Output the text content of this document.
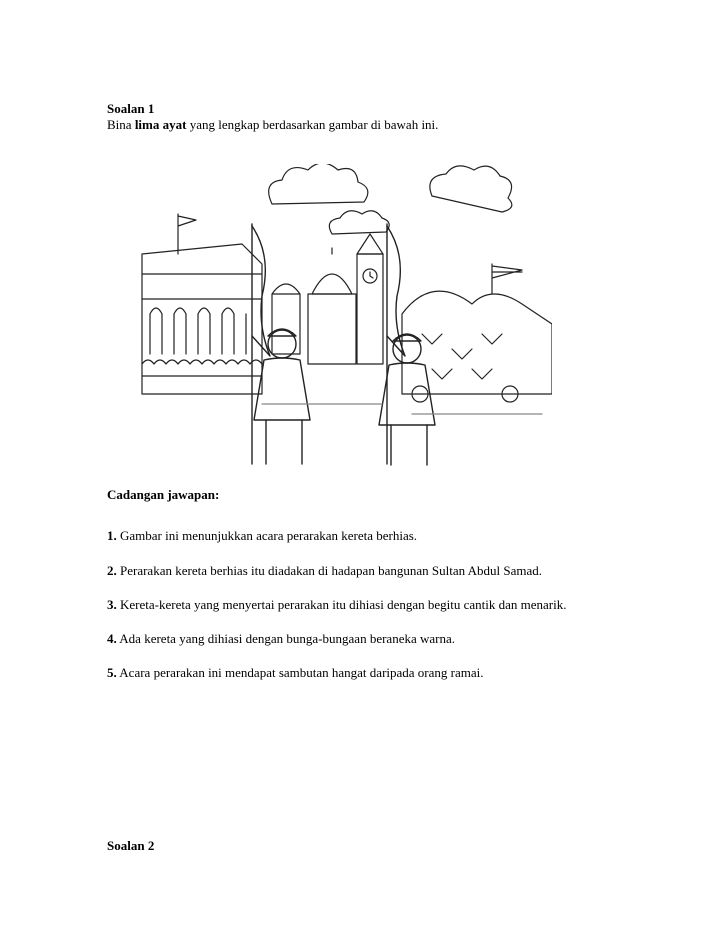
Soalan 1
Bina lima ayat yang lengkap berdasarkan gambar di bawah ini.
Cadangan jawapan:
1. Gambar ini menunjukkan acara perarakan kereta berhias.
2. Perarakan kereta berhias itu diadakan di hadapan bangunan Sultan Abdul Samad.
3. Kereta-kereta yang menyertai perarakan itu dihiasi dengan begitu cantik dan menarik.
4. Ada kereta yang dihiasi dengan bunga-bungaan beraneka warna.
5. Acara perarakan ini mendapat sambutan hangat daripada orang ramai.
Soalan 2
